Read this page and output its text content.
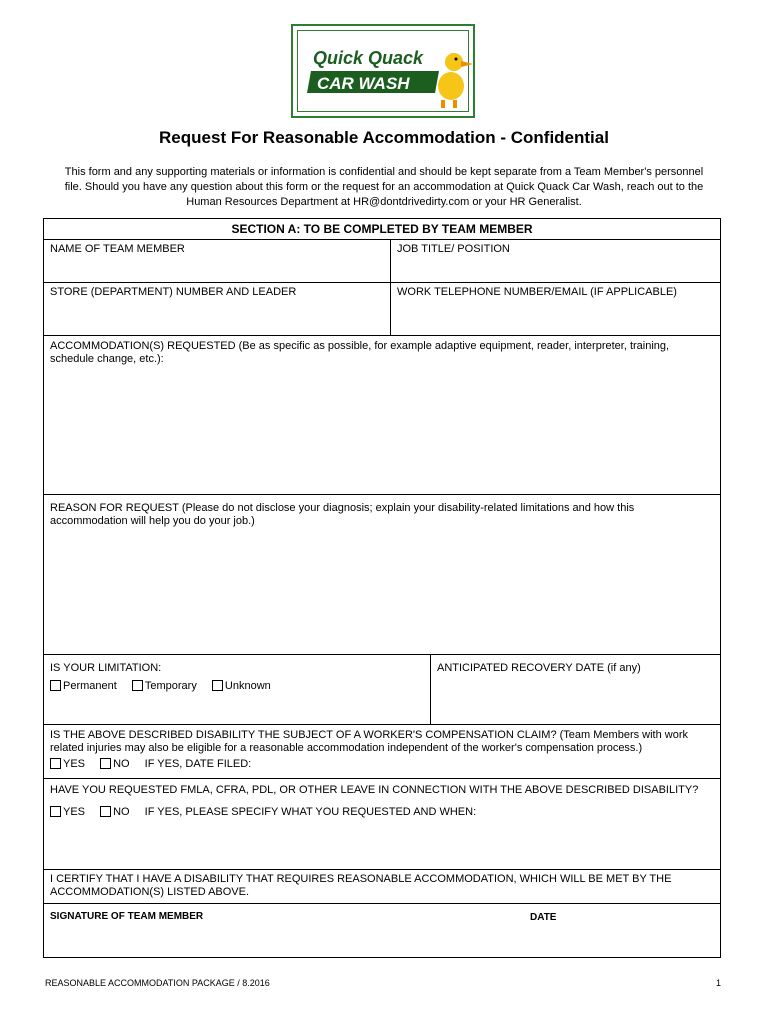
Quick Quack
CAR WASH
Request For Reasonable Accommodation - Confidential
This form and any supporting materials or information is confidential and should be kept separate from a Team Member's personnel file. Should you have any question about this form or the request for an accommodation at Quick Quack Car Wash, reach out to the Human Resources Department at HR@dontdrivedirty.com or your HR Generalist.
SECTION A: TO BE COMPLETED BY TEAM MEMBER
NAME OF TEAM MEMBER	JOB TITLE/ POSITION
STORE (DEPARTMENT) NUMBER AND LEADER	WORK TELEPHONE NUMBER/EMAIL (IF APPLICABLE)
ACCOMMODATION(S) REQUESTED (Be as specific as possible, for example adaptive equipment, reader, interpreter, training, schedule change, etc.):
REASON FOR REQUEST (Please do not disclose your diagnosis; explain your disability-related limitations and how this accommodation will help you do your job.)
IS YOUR LIMITATION:
Permanent	Temporary	Unknown
ANTICIPATED RECOVERY DATE (if any)
IS THE ABOVE DESCRIBED DISABILITY THE SUBJECT OF A WORKER'S COMPENSATION CLAIM? (Team Members with work related injuries may also be eligible for a reasonable accommodation independent of the worker's compensation process.)
YES	NO IF YES, DATE FILED:
HAVE YOU REQUESTED FMLA, CFRA, PDL, OR OTHER LEAVE IN CONNECTION WITH THE ABOVE DESCRIBED DISABILITY?
YES	NO IF YES, PLEASE SPECIFY WHAT YOU REQUESTED AND WHEN:
I CERTIFY THAT I HAVE A DISABILITY THAT REQUIRES REASONABLE ACCOMMODATION, WHICH WILL BE MET BY THE ACCOMMODATION(S) LISTED ABOVE.
SIGNATURE OF TEAM MEMBER	DATE
REASONABLE ACCOMMODATION PACKAGE / 8.2016	1
